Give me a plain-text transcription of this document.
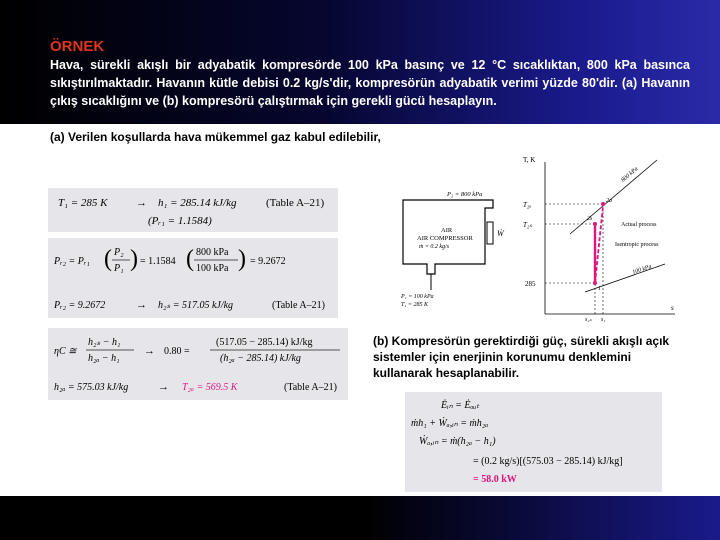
ÖRNEK
Hava, sürekli akışlı bir adyabatik kompresörde 100 kPa basınç ve 12 °C sıcaklıktan, 800 kPa basınca sıkıştırılmaktadır. Havanın kütle debisi 0.2 kg/s'dir, kompresörün adyabatik verimi yüzde 80'dir. (a) Havanın çıkış sıcaklığını ve (b) kompresörü çalıştırmak için gerekli gücü hesaplayın.
(a) Verilen koşullarda hava mükemmel gaz kabul edilebilir,
T₁ = 285 K	→ h₁ = 285.14 kJ/kg	(Table A–21)
(Pᵣ₁ = 1.1584)
Pᵣ₂ = Pᵣ₁ ( P₂
P₁ ) = 1.1584 ( 800 kPa
100 kPa ) = 9.2672
Pᵣ₂ = 9.2672	→ h₂ₛ = 517.05 kJ/kg	(Table A–21)
ηC ≅
h₂ₛ − h₁
h₂ₐ − h₁
→ 0.80 =
(517.05 − 285.14) kJ/kg
(h₂ₐ − 285.14) kJ/kg
h₂ₐ = 575.03 kJ/kg	→ T₂ₐ = 569.5 K	(Table A–21)
(b) Kompresörün gerektirdiği güç, sürekli akışlı açık sistemler için enerjinin korunumu denklemini kullanarak hesaplanabilir.
Ėᵢₙ = Ėₒᵤₜ
ṁh₁ + Ẇₐ,ᵢₙ = ṁh₂ₐ
Ẇₐ,ᵢₙ = ṁ(h₂ₐ − h₁)
= (0.2 kg/s)[(575.03 − 285.14) kJ/kg]
= 58.0 kW
P₂ = 800 kPa
AIR
AIR COMPRESSOR
ṁ = 0.2 kg/s
Ẇ
P₁ = 100 kPa
T₁ = 285 K
T, K
s
800 kPa
100 kPa
T₂ₐ
T₂ₛ
285
2s
2a
1
Actual process
Isentropic process
s₂ₛ s₁
